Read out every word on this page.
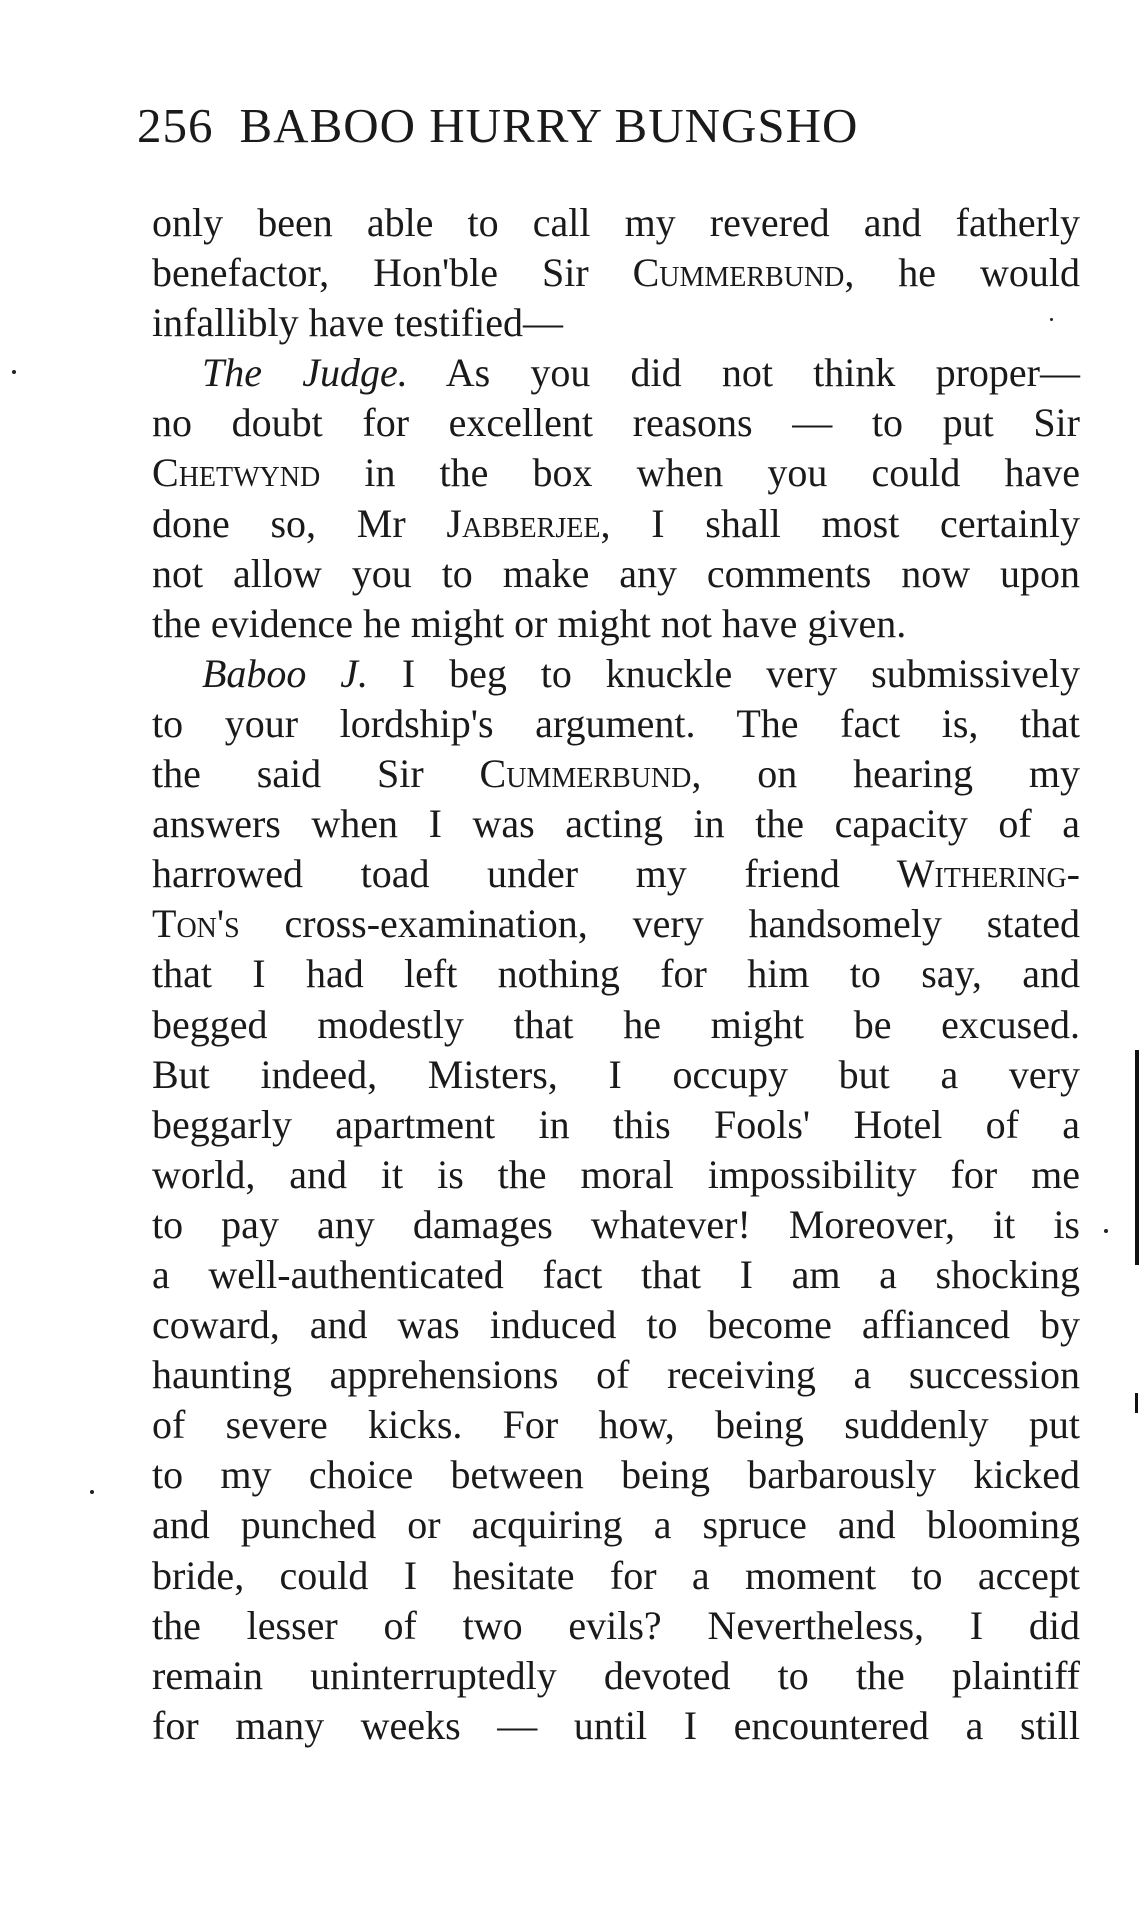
256 BABOO HURRY BUNGSHO
only been able to call my revered and fatherly
benefactor, Hon'ble Sir Cummerbund, he would
infallibly have testified—
The Judge. As you did not think proper—
no doubt for excellent reasons — to put Sir
Chetwynd in the box when you could have
done so, Mr Jabberjee, I shall most certainly
not allow you to make any comments now upon
the evidence he might or might not have given.
Baboo J. I beg to knuckle very submissively
to your lordship's argument. The fact is, that
the said Sir Cummerbund, on hearing my
answers when I was acting in the capacity of a
harrowed toad under my friend Withering-
Ton's cross-examination, very handsomely stated
that I had left nothing for him to say, and
begged modestly that he might be excused.
But indeed, Misters, I occupy but a very
beggarly apartment in this Fools' Hotel of a
world, and it is the moral impossibility for me
to pay any damages whatever! Moreover, it is
a well-authenticated fact that I am a shocking
coward, and was induced to become affianced by
haunting apprehensions of receiving a succession
of severe kicks. For how, being suddenly put
to my choice between being barbarously kicked
and punched or acquiring a spruce and blooming
bride, could I hesitate for a moment to accept
the lesser of two evils? Nevertheless, I did
remain uninterruptedly devoted to the plaintiff
for many weeks — until I encountered a still
